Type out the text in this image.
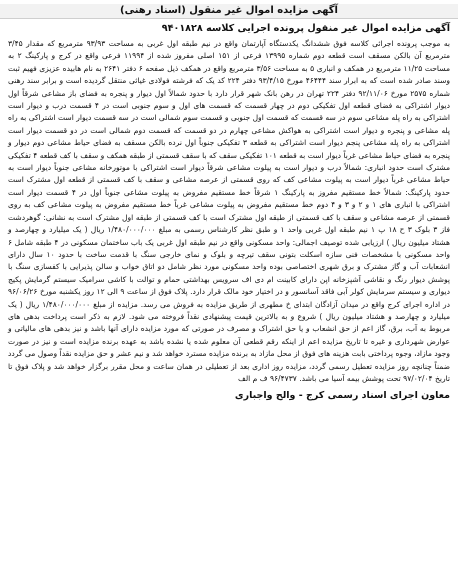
آگهی مزایده اموال غیر منقول (اسناد رهنی)
آگهی مزایده اموال غیر منقول پرونده اجرایی کلاسه ۹۴۰۱۸۲۸

به موجب پرونده اجرائی کلاسه فوق ششدانگ یکدستگاه آپارتمان واقع در نیم طبقه اول غربی به مساحت ۹۳/۹۳ مترمربع که مقدار ۳/۴۵ مترمربع آن بالکن مسقف است قطعه دوم شماره ۱۳۹۹۵ فرعی از ۱۵۱ اصلی مفروز شده از ۱۱۹۹۴ فرعی واقع در کرج و پارکینگ ۲ به مساحت ۱۱/۲۵ مترمربع در همکف و انباری ۵ به مساحت ۳/۵۶ مترمربع واقع در همکف ذیل صفحه ۶ دفتر ۲۶۴۱ به نام هابیده عزیزی فهیم ثبت وسند صادر شده است که به ابرار سند ۴۶۴۴۴ مورخ ۹۳/۴/۱۵ دفتر ۲۲۴ کد یک که فرشته فولادی غیاثی منتقل گردیده است و برابر سند رهنی شماره ۲۵۷۵ مورخ ۹۲/۱۱/۰۶ دفتر ۲۲۴ تهران در رهن بانک شهر قرار دارد با حدود شمالاً اول دیوار و پنجره به فضای باز مشاعی شرقاً اول دیوار اشتراکی به فضای قطعه اول تفکیکی دوم در چهار قسمت که قسمت های اول و سوم جنوبی است در ۴ قسمت درب و دیوار است اشتراکی به راه پله مشاعی سوم در سه قسمت که قسمت اول جنوبی و قسمت سوم شمالی است در سه قسمت دیوار است اشتراکی به راه پله مشاعی و پنجره و دیوار است اشتراکی به هواکش مشاعی چهارم در دو قسمت که قسمت دوم شمالی است در دو قسمت دیوار است اشتراکی به راه پله مشاعی پنجم دیوار است اشتراکی به قطعه ۳ تفکیکی جنوباً اول نرده بالکن مسقف به فضای حیاط مشاعی دوم دیوار و پنجره به فضای حیاط مشاعی غرباً دیوار است به قطعه ۱۰۱ تفکیکی سقف که با سقف قسمتی از طبقه همکف و سقف با کف قطعه ۴ تفکیکی مشترک است حدود انباری: شمالاً درب و دیوار است به پیلوت مشاعی شرقاً دیوار است اشتراکی با موتورخانه مشاعی جنوباً دیوار است به حیاط مشاعی غرباً دیوار است به پیلوت مشاعی کف که روی قسمتی از عرصه مشاعی و سقف با کف قسمتی از قطعه اول مشترک است حدود پارکینگ: شمالاً خط مستقیم مفروز به پارکینگ ۱ شرقاً خط مستقیم مفروض به پیلوت مشاعی جنوباً اول در ۴ قسمت دیوار است اشتراکی با انباری های ۱ و ۲ و ۳ و ۴ دوم خط مستقیم مفروض به پیلوت مشاعی غرباً خط مستقیم مفروض به پیلوت مشاعی کف به روی قسمتی از عرصه مشاعی و سقف با کف قسمتی از طبقه اول مشترک است با کف قسمتی از طبقه اول مشترک است به نشانی: گوهردشت فاز ۳ بلوک ۳ ح ۱۸ پ ۱ نیم طبقه اول غربی واحد ۱ و طبق نظر کارشناس رسمی به مبلغ ۱/۴۸۰/۰۰۰/۰۰۰ ریال ( یک میلیارد و چهارصد و هشتاد میلیون ریال ) ارزیابی شده توصیف اجمالی: واحد مسکونی واقع در نیم طبقه اول غربی یک باب ساختمان مسکونی در ۴ طبقه شامل ۶ واحد مسکونی با مشخصات فنی سازه اسکلت بتونی سقف تیرچه و بلوک و نمای خارجی سنگ با قدمت ساخت با حدود ۱۰ سال دارای انشعابات آب و گاز مشترک و برق شهری اختصاصی بوده واحد مسکونی مورد نظر شامل دو اتاق خواب و سالن پذیرایی با کفسازی سنگ با پوشش دیوار رنگ و نقاشی آشپزخانه اپن دارای کابینت ام دی اف سرویس بهداشتی حمام و توالت با کاشی سرامیک سیستم گرمایش پکیج دیواری و سیستم سرمایش کولر آبی فاقد آسانسور و در اختیار خود مالک قرار دارد. پلاک فوق از ساعت ۹ الی ۱۲ روز یکشنبه مورخ ۹۶/۰۶/۲۶ در اداره اجرای کرج واقع در میدان آزادگان ابتدای خ مطهری از طریق مزایده به فروش می رسد. مزایده از مبلغ ۱/۴۸۰/۰۰۰/۰۰۰ ریال ( یک میلیارد و چهارصد و هشتاد میلیون ریال ) شروع و به بالاترین قیمت پیشنهادی نقداً فروخته می شود. لازم به ذکر است پرداخت بدهی های مربوط به آب، برق، گاز اعم از حق انشعاب و یا حق اشتراک و مصرف در صورتی که مورد مزایده دارای آنها باشد و نیز بدهی های مالیاتی و عوارض شهرداری و غیره تا تاریخ مزایده اعم از اینکه رقم قطعی آن معلوم شده یا نشده باشد به عهده برنده مزایده است و نیز در صورت وجود مازاد، وجوه پرداختی بابت هزینه های فوق از محل مازاد به برنده مزایده مسترد خواهد شد و نیم عشر و حق مزایده نقداً وصول می گردد ضمناً چنانچه روز مزایده تعطیل رسمی گردد، مزایده روز اداری بعد از تعطیلی در همان ساعت و محل مقرر برگزار خواهد شد و پلاک فوق تا تاریخ ۹۷/۰۲/۰۴ تحت پوشش بیمه آسیا می باشد. ۹۶/۴۷۳۷ ف م الف

معاون اجرای اسناد رسمی کرج - والح واجباری
